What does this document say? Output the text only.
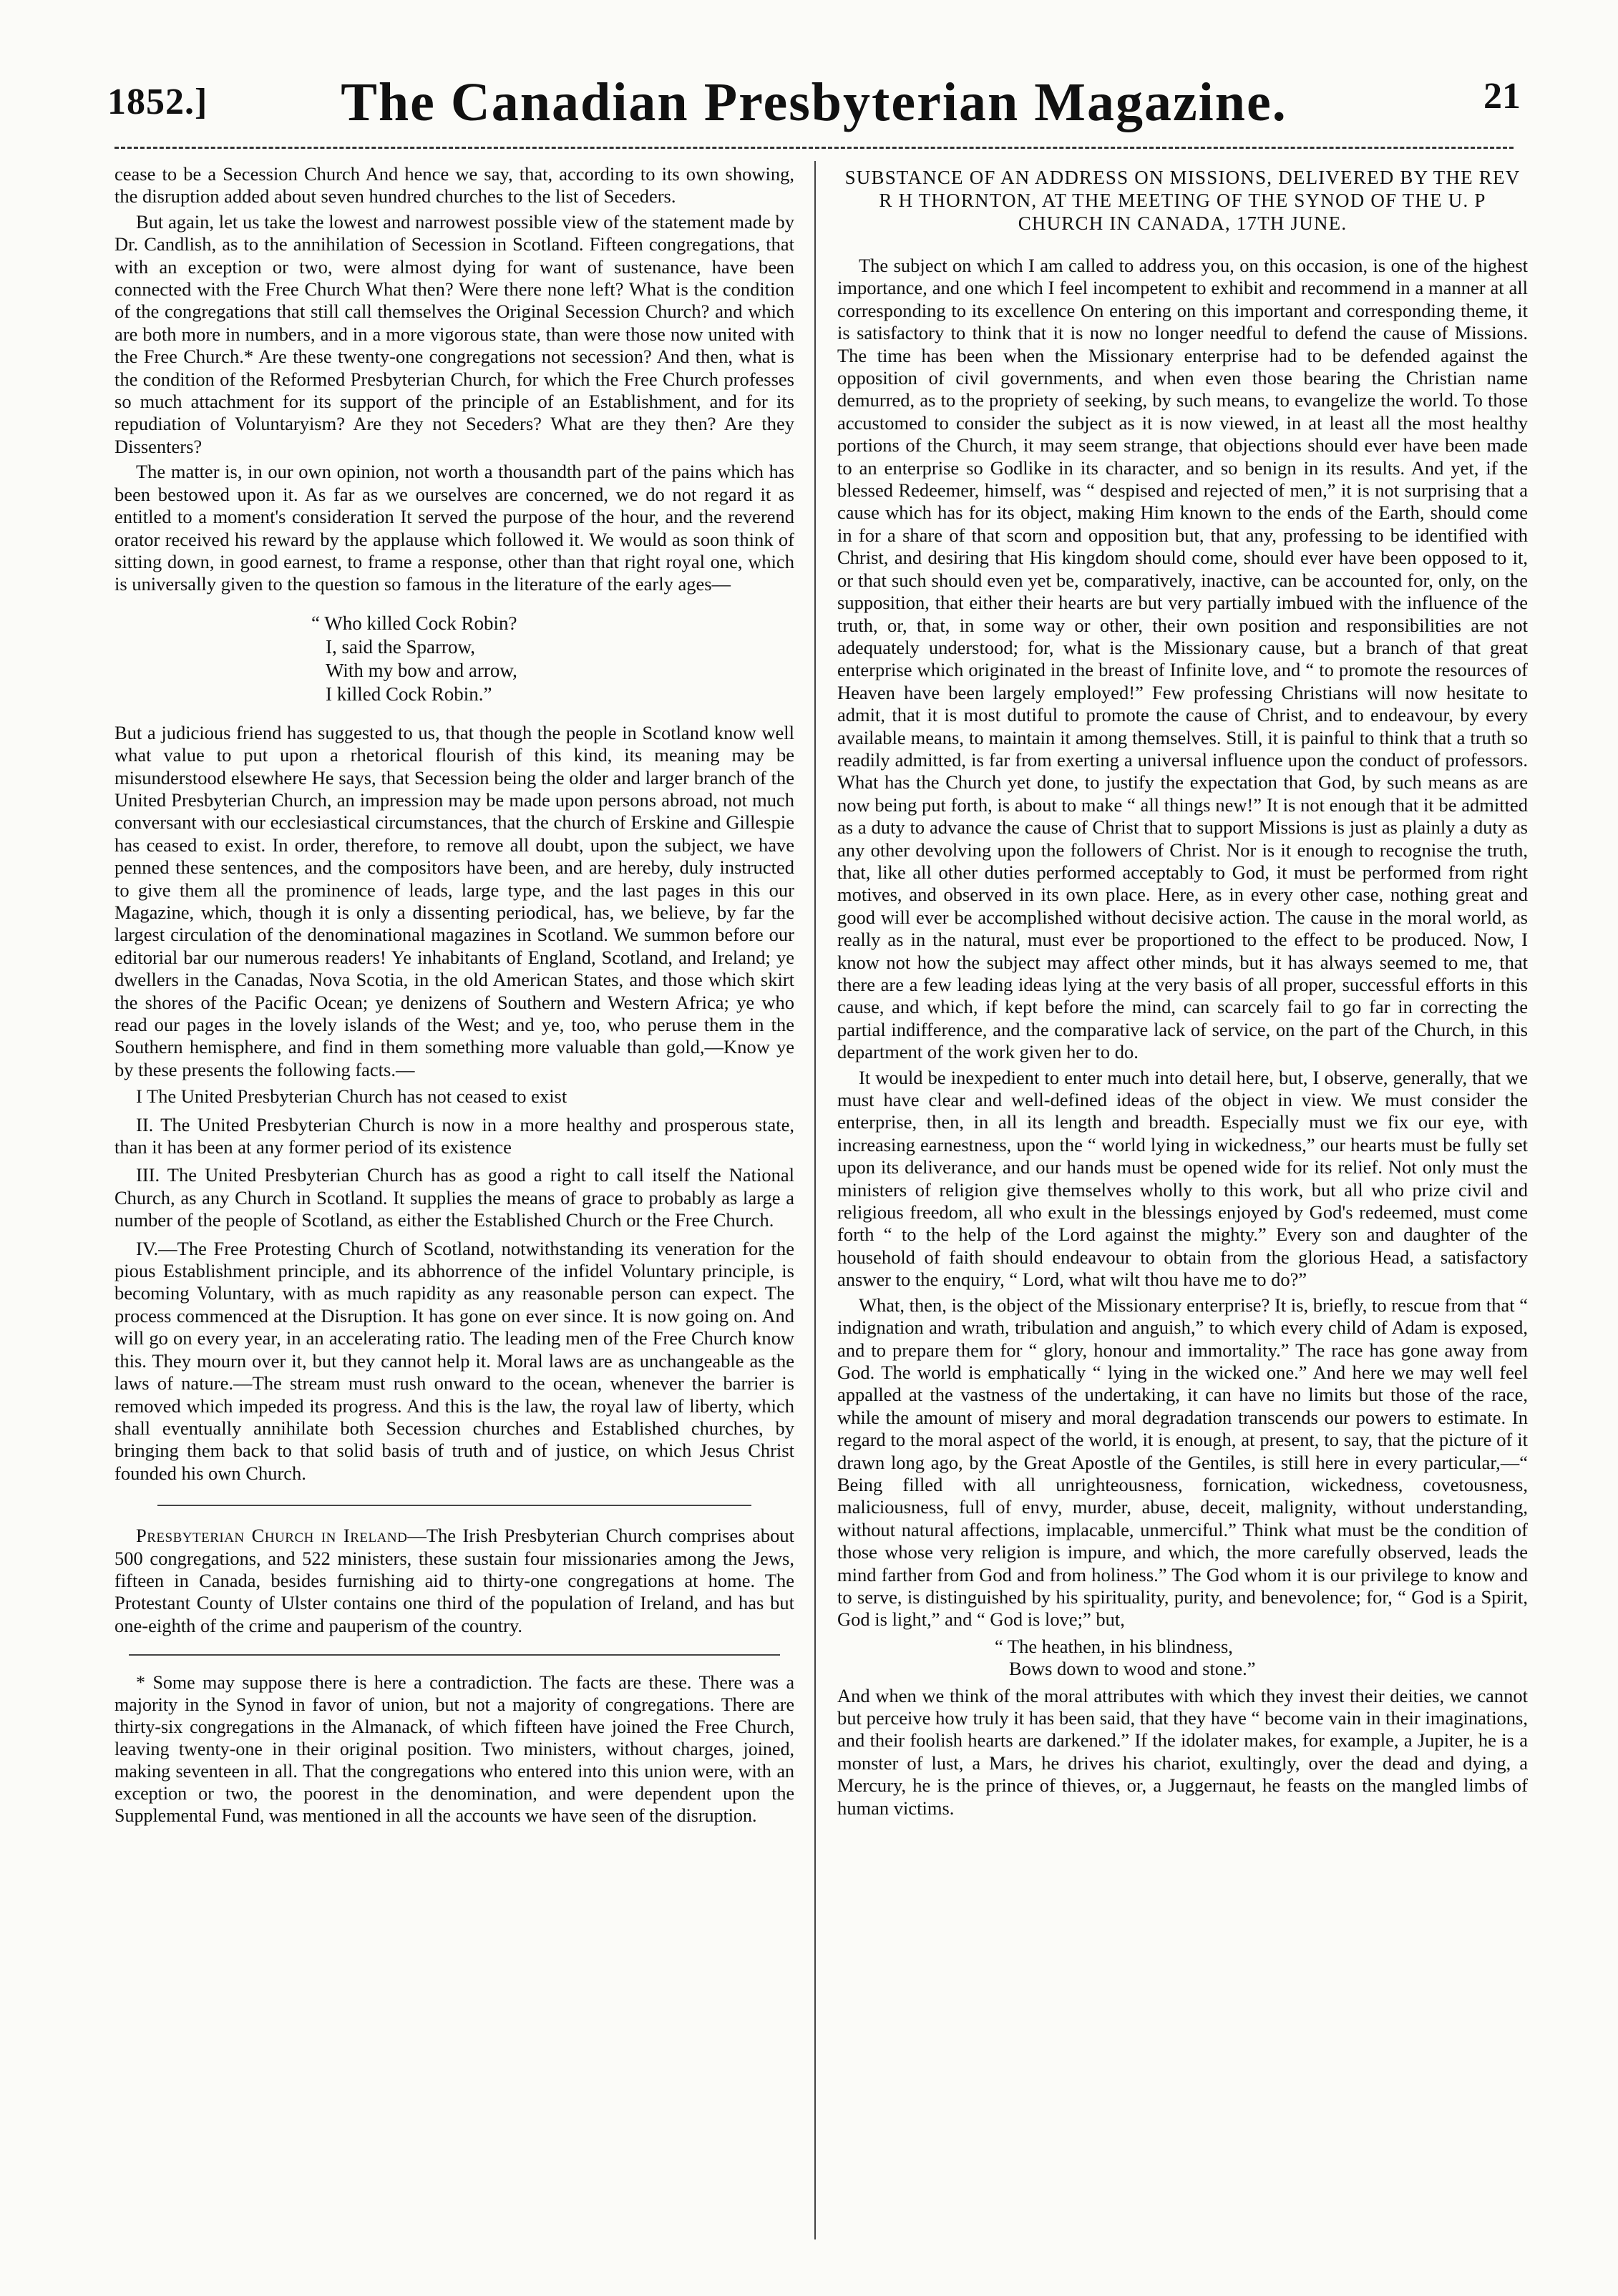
1852.]	The Canadian Presbyterian Magazine.	21

cease to be a Secession Church And hence we say, that, according to its own showing, the disruption added about seven hundred churches to the list of Seceders.

But again, let us take the lowest and narrowest possible view of the statement made by Dr. Candlish, as to the annihilation of Secession in Scotland. Fifteen congregations, that with an exception or two, were almost dying for want of sustenance, have been connected with the Free Church What then? Were there none left? What is the condition of the congregations that still call themselves the Original Secession Church? and which are both more in numbers, and in a more vigorous state, than were those now united with the Free Church.* Are these twenty-one congregations not secession? And then, what is the condition of the Reformed Presbyterian Church, for which the Free Church professes so much attachment for its support of the principle of an Establishment, and for its repudiation of Voluntaryism? Are they not Seceders? What are they then? Are they Dissenters?

The matter is, in our own opinion, not worth a thousandth part of the pains which has been bestowed upon it. As far as we ourselves are concerned, we do not regard it as entitled to a moment's consideration It served the purpose of the hour, and the reverend orator received his reward by the applause which followed it. We would as soon think of sitting down, in good earnest, to frame a response, other than that right royal one, which is universally given to the question so famous in the literature of the early ages—

“ Who killed Cock Robin?
I, said the Sparrow,
With my bow and arrow,
I killed Cock Robin.”

But a judicious friend has suggested to us, that though the people in Scotland know well what value to put upon a rhetorical flourish of this kind, its meaning may be misunderstood elsewhere He says, that Secession being the older and larger branch of the United Presbyterian Church, an impression may be made upon persons abroad, not much conversant with our ecclesiastical circumstances, that the church of Erskine and Gillespie has ceased to exist. In order, therefore, to remove all doubt, upon the subject, we have penned these sentences, and the compositors have been, and are hereby, duly instructed to give them all the prominence of leads, large type, and the last pages in this our Magazine, which, though it is only a dissenting periodical, has, we believe, by far the largest circulation of the denominational magazines in Scotland. We summon before our editorial bar our numerous readers! Ye inhabitants of England, Scotland, and Ireland; ye dwellers in the Canadas, Nova Scotia, in the old American States, and those which skirt the shores of the Pacific Ocean; ye denizens of Southern and Western Africa; ye who read our pages in the lovely islands of the West; and ye, too, who peruse them in the Southern hemisphere, and find in them something more valuable than gold,—Know ye by these presents the following facts.—

I The United Presbyterian Church has not ceased to exist

II. The United Presbyterian Church is now in a more healthy and prosperous state, than it has been at any former period of its existence

III. The United Presbyterian Church has as good a right to call itself the National Church, as any Church in Scotland. It supplies the means of grace to probably as large a number of the people of Scotland, as either the Established Church or the Free Church.

IV.—The Free Protesting Church of Scotland, notwithstanding its veneration for the pious Establishment principle, and its abhorrence of the infidel Voluntary principle, is becoming Voluntary, with as much rapidity as any reasonable person can expect. The process commenced at the Disruption. It has gone on ever since. It is now going on. And will go on every year, in an accelerating ratio. The leading men of the Free Church know this. They mourn over it, but they cannot help it. Moral laws are as unchangeable as the laws of nature.—The stream must rush onward to the ocean, whenever the barrier is removed which impeded its progress. And this is the law, the royal law of liberty, which shall eventually annihilate both Secession churches and Established churches, by bringing them back to that solid basis of truth and of justice, on which Jesus Christ founded his own Church.

Presbyterian Church in Ireland—The Irish Presbyterian Church comprises about 500 congregations, and 522 ministers, these sustain four missionaries among the Jews, fifteen in Canada, besides furnishing aid to thirty-one congregations at home. The Protestant County of Ulster contains one third of the population of Ireland, and has but one-eighth of the crime and pauperism of the country.

* Some may suppose there is here a contradiction. The facts are these. There was a majority in the Synod in favor of union, but not a majority of congregations. There are thirty-six congregations in the Almanack, of which fifteen have joined the Free Church, leaving twenty-one in their original position. Two ministers, without charges, joined, making seventeen in all. That the congregations who entered into this union were, with an exception or two, the poorest in the denomination, and were dependent upon the Supplemental Fund, was mentioned in all the accounts we have seen of the disruption.

SUBSTANCE OF AN ADDRESS ON MISSIONS, DELIVERED BY THE REV R H THORNTON, AT THE MEETING OF THE SYNOD OF THE U. P CHURCH IN CANADA, 17TH JUNE.

The subject on which I am called to address you, on this occasion, is one of the highest importance, and one which I feel incompetent to exhibit and recommend in a manner at all corresponding to its excellence On entering on this important and corresponding theme, it is satisfactory to think that it is now no longer needful to defend the cause of Missions. The time has been when the Missionary enterprise had to be defended against the opposition of civil governments, and when even those bearing the Christian name demurred, as to the propriety of seeking, by such means, to evangelize the world. To those accustomed to consider the subject as it is now viewed, in at least all the most healthy portions of the Church, it may seem strange, that objections should ever have been made to an enterprise so Godlike in its character, and so benign in its results. And yet, if the blessed Redeemer, himself, was “ despised and rejected of men,” it is not surprising that a cause which has for its object, making Him known to the ends of the Earth, should come in for a share of that scorn and opposition but, that any, professing to be identified with Christ, and desiring that His kingdom should come, should ever have been opposed to it, or that such should even yet be, comparatively, inactive, can be accounted for, only, on the supposition, that either their hearts are but very partially imbued with the influence of the truth, or, that, in some way or other, their own position and responsibilities are not adequately understood; for, what is the Missionary cause, but a branch of that great enterprise which originated in the breast of Infinite love, and “ to promote the resources of Heaven have been largely employed!” Few professing Christians will now hesitate to admit, that it is most dutiful to promote the cause of Christ, and to endeavour, by every available means, to maintain it among themselves. Still, it is painful to think that a truth so readily admitted, is far from exerting a universal influence upon the conduct of professors. What has the Church yet done, to justify the expectation that God, by such means as are now being put forth, is about to make “ all things new!” It is not enough that it be admitted as a duty to advance the cause of Christ that to support Missions is just as plainly a duty as any other devolving upon the followers of Christ. Nor is it enough to recognise the truth, that, like all other duties performed acceptably to God, it must be performed from right motives, and observed in its own place. Here, as in every other case, nothing great and good will ever be accomplished without decisive action. The cause in the moral world, as really as in the natural, must ever be proportioned to the effect to be produced. Now, I know not how the subject may affect other minds, but it has always seemed to me, that there are a few leading ideas lying at the very basis of all proper, successful efforts in this cause, and which, if kept before the mind, can scarcely fail to go far in correcting the partial indifference, and the comparative lack of service, on the part of the Church, in this department of the work given her to do.

It would be inexpedient to enter much into detail here, but, I observe, generally, that we must have clear and well-defined ideas of the object in view. We must consider the enterprise, then, in all its length and breadth. Especially must we fix our eye, with increasing earnestness, upon the “ world lying in wickedness,” our hearts must be fully set upon its deliverance, and our hands must be opened wide for its relief. Not only must the ministers of religion give themselves wholly to this work, but all who prize civil and religious freedom, all who exult in the blessings enjoyed by God's redeemed, must come forth “ to the help of the Lord against the mighty.” Every son and daughter of the household of faith should endeavour to obtain from the glorious Head, a satisfactory answer to the enquiry, “ Lord, what wilt thou have me to do?”

What, then, is the object of the Missionary enterprise? It is, briefly, to rescue from that “ indignation and wrath, tribulation and anguish,” to which every child of Adam is exposed, and to prepare them for “ glory, honour and immortality.” The race has gone away from God. The world is emphatically “ lying in the wicked one.” And here we may well feel appalled at the vastness of the undertaking, it can have no limits but those of the race, while the amount of misery and moral degradation transcends our powers to estimate. In regard to the moral aspect of the world, it is enough, at present, to say, that the picture of it drawn long ago, by the Great Apostle of the Gentiles, is still here in every particular,—“ Being filled with all unrighteousness, fornication, wickedness, covetousness, maliciousness, full of envy, murder, abuse, deceit, malignity, without understanding, without natural affections, implacable, unmerciful.” Think what must be the condition of those whose very religion is impure, and which, the more carefully observed, leads the mind farther from God and from holiness.” The God whom it is our privilege to know and to serve, is distinguished by his spirituality, purity, and benevolence; for, “ God is a Spirit, God is light,” and “ God is love;” but,

“ The heathen, in his blindness,
Bows down to wood and stone.”

And when we think of the moral attributes with which they invest their deities, we cannot but perceive how truly it has been said, that they have “ become vain in their imaginations, and their foolish hearts are darkened.” If the idolater makes, for example, a Jupiter, he is a monster of lust, a Mars, he drives his chariot, exultingly, over the dead and dying, a Mercury, he is the prince of thieves, or, a Juggernaut, he feasts on the mangled limbs of human victims.
